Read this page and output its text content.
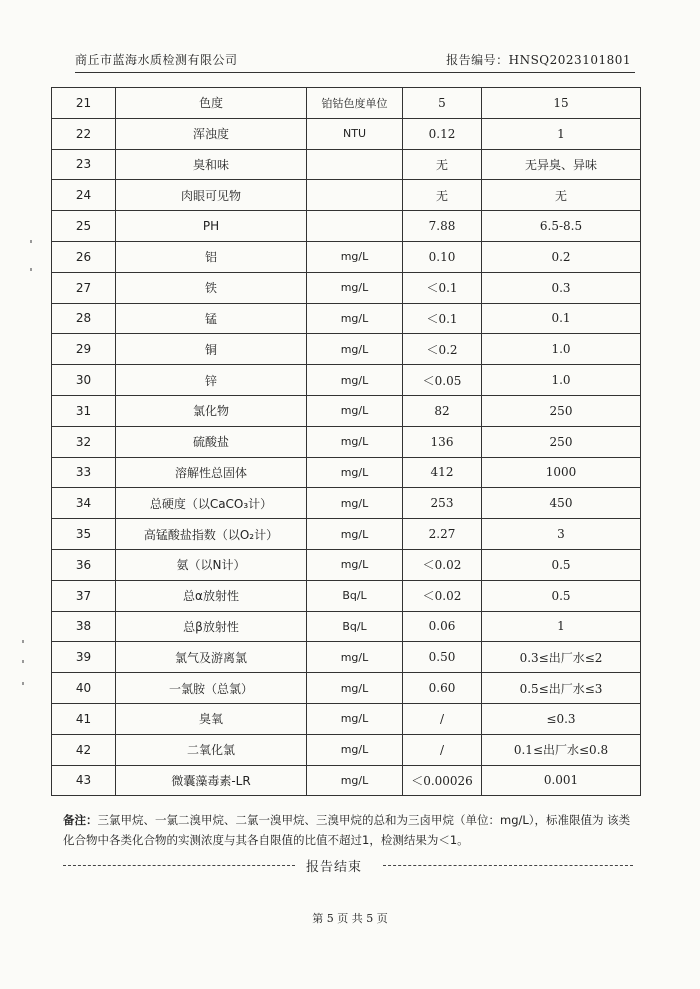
商丘市蓝海水质检测有限公司	报告编号：HNSQ2023101801
21	色度	铂钴色度单位	5	15
22	浑浊度	NTU	0.12	1
23	臭和味		无	无异臭、异味
24	肉眼可见物		无	无
25	PH		7.88	6.5-8.5
26	铝	mg/L	0.10	0.2
27	铁	mg/L	＜0.1	0.3
28	锰	mg/L	＜0.1	0.1
29	铜	mg/L	＜0.2	1.0
30	锌	mg/L	＜0.05	1.0
31	氯化物	mg/L	82	250
32	硫酸盐	mg/L	136	250
33	溶解性总固体	mg/L	412	1000
34	总硬度（以CaCO₃计）	mg/L	253	450
35	高锰酸盐指数（以O₂计）	mg/L	2.27	3
36	氨（以N计）	mg/L	＜0.02	0.5
37	总α放射性	Bq/L	＜0.02	0.5
38	总β放射性	Bq/L	0.06	1
39	氯气及游离氯	mg/L	0.50	0.3≤出厂水≤2
40	一氯胺（总氯）	mg/L	0.60	0.5≤出厂水≤3
41	臭氧	mg/L	/	≤0.3
42	二氧化氯	mg/L	/	0.1≤出厂水≤0.8
43	微囊藻毒素-LR	mg/L	＜0.00026	0.001
备注：三氯甲烷、一氯二溴甲烷、二氯一溴甲烷、三溴甲烷的总和为三卤甲烷（单位：mg/L），标准限值为 该类化合物中各类化合物的实测浓度与其各自限值的比值不超过1，检测结果为＜1。
报告结束
第 5 页 共 5 页
